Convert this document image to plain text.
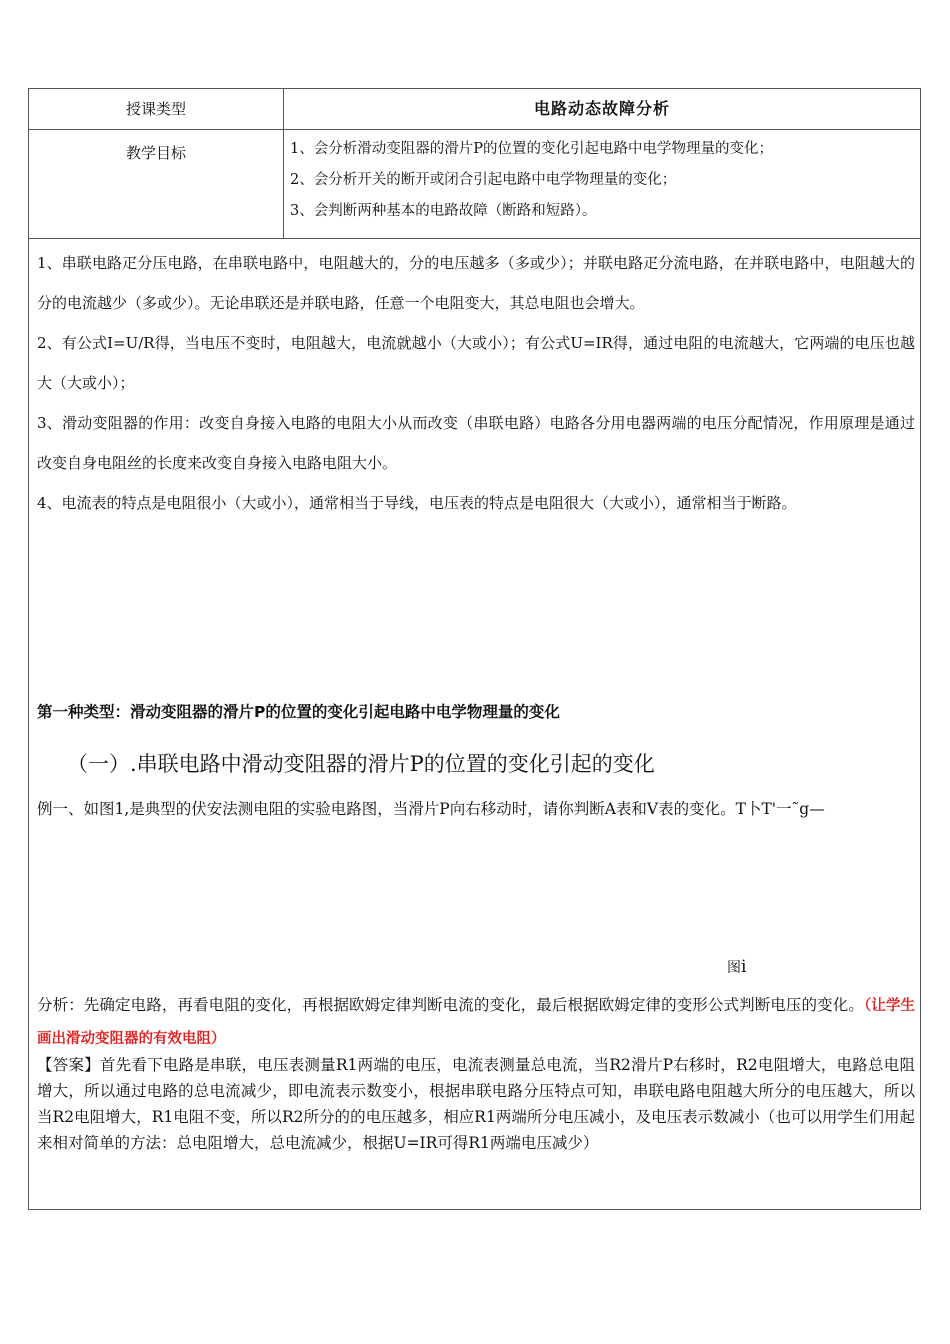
授课类型	电路动态故障分析
教学目标	1、会分析滑动变阻器的滑片P的位置的变化引起电路中电学物理量的变化；
2、会分析开关的断开或闭合引起电路中电学物理量的变化；
3、会判断两种基本的电路故障（断路和短路）。

1、串联电路疋分压电路，在串联电路中，电阻越大的，分的电压越多（多或少）；并联电路疋分流电路，在并联电路中，电阻越大的分的电流越少（多或少）。无论串联还是并联电路，任意一个电阻变大，其总电阻也会增大。

2、有公式I=U/R得，当电压不变时，电阻越大，电流就越小（大或小）；有公式U=IR得，通过电阻的电流越大，它两端的电压也越大（大或小）；

3、滑动变阻器的作用：改变自身接入电路的电阻大小从而改变（串联电路）电路各分用电器两端的电压分配情况，作用原理是通过改变自身电阻丝的长度来改变自身接入电路电阻大小。

4、电流表的特点是电阻很小（大或小），通常相当于导线，电压表的特点是电阻很大（大或小），通常相当于断路。

第一种类型：滑动变阻器的滑片P的位置的变化引起电路中电学物理量的变化

（一）.串联电路中滑动变阻器的滑片P的位置的变化引起的变化

例一、如图1,是典型的伏安法测电阻的实验电路图，当滑片P向右移动时，请你判断A表和V表的变化。T卜T'一˜g—

图i

分析：先确定电路，再看电阻的变化，再根据欧姆定律判断电流的变化，最后根据欧姆定律的变形公式判断电压的变化。（让学生画出滑动变阻器的有效电阻）

【答案】首先看下电路是串联，电压表测量R1两端的电压，电流表测量总电流，当R2滑片P右移时，R2电阻增大，电路总电阻增大，所以通过电路的总电流减少，即电流表示数变小，根据串联电路分压特点可知，串联电路电阻越大所分的电压越大，所以当R2电阻增大，R1电阻不变，所以R2所分的的电压越多，相应R1两端所分电压减小，及电压表示数减小（也可以用学生们用起来相对简单的方法：总电阻增大，总电流减少，根据U=IR可得R1两端电压减少）
